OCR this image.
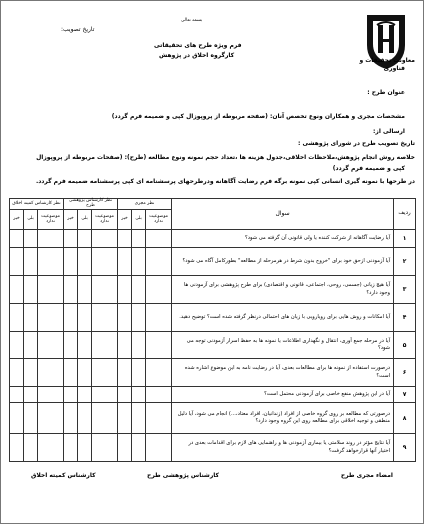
معاونت تحقیقات و
فناوری
بسمه تعالی
فرم ویژه طرح های تحقیقاتی
کارگروه اخلاق در پژوهش
تاریخ تصویب:
عنوان طرح :
مشخصات مجری و همکاران ونوع تخصص آنان: (صفحه مربوطه از پروپوزال کپی و ضمیمه فرم گردد)
ارسالی از:
تاریخ تصویب طرح در شورای پژوهشی :
خلاصه روش انجام پژوهش،ملاحظات اخلاقی،جدول هزینه ها ،تعداد حجم نمونه ونوع مطالعه (طرح): (صفحات مربوطه از پروپوزال
کپی و ضمیمه فرم گردد)
در طرحها با نمونه گیری انسانی کپی نمونه برگه فرم رضایت آگاهانه ودرطرحهای پرسشنامه ای کپی پرسشنامه ضمیمه فرم گردد.
نظر کارشناس کمیته اخلاق			نظر کارشناس پژوهشی طرح			نظر مجری			سوال	ردیف
خیر	بلی	موضوعیت ندارد	خیر	بلی	موضوعیت ندارد	خیر	بلی	موضوعیت ندارد		
									آیا رضایت آگاهانه از شرکت کننده یا ولی قانونی آن گرفته می شود؟	۱
									آیا آزمودنی ازحق خود برای "خروج بدون شرط در هرمرحله از مطالعه" بطورکامل آگاه می شود؟	۲
									آیا هیچ زیانی (جسمی، روحی، اجتماعی، قانونی و اقتصادی) برای طرح پژوهشی برای آزمودنی ها وجود دارد؟	۳
									آیا امکانات و روش هایی برای رویارویی با زیان های احتمالی درنظر گرفته شده است؟ توضیح دهید.	۴
									آیا در مرحله جمع آوری، انتقال و نگهداری اطلاعات یا نمونه ها به حفظ اسرار آزمودنی توجه می شود؟	۵
									درصورت استفاده از نمونه ها برای مطالعات بعدی، آیا در رضایت نامه به این موضوع اشاره شده است؟	۶
									آیا در این پژوهش منفع خاصی برای آزمودنی محتمل است؟	۷
									درصورتی که مطالعه بر روی گروه خاصی از افراد (زندانیان، افراد معتاد،...) انجام می شود، آیا دلیل منطقی و توجیه اخلاقی برای مطالعه روی این گروه وجود دارد؟	۸
									آیا نتایج مؤثر در روند سلامتی یا بیماری آزمودنی ها و راهنمایی های لازم برای اقدامات بعدی در اختیار آنها قرارخواهد گرفت؟	۹
امضاء مجری طرح
کارشناس پژوهشی طرح
کارشناس کمیته اخلاق
